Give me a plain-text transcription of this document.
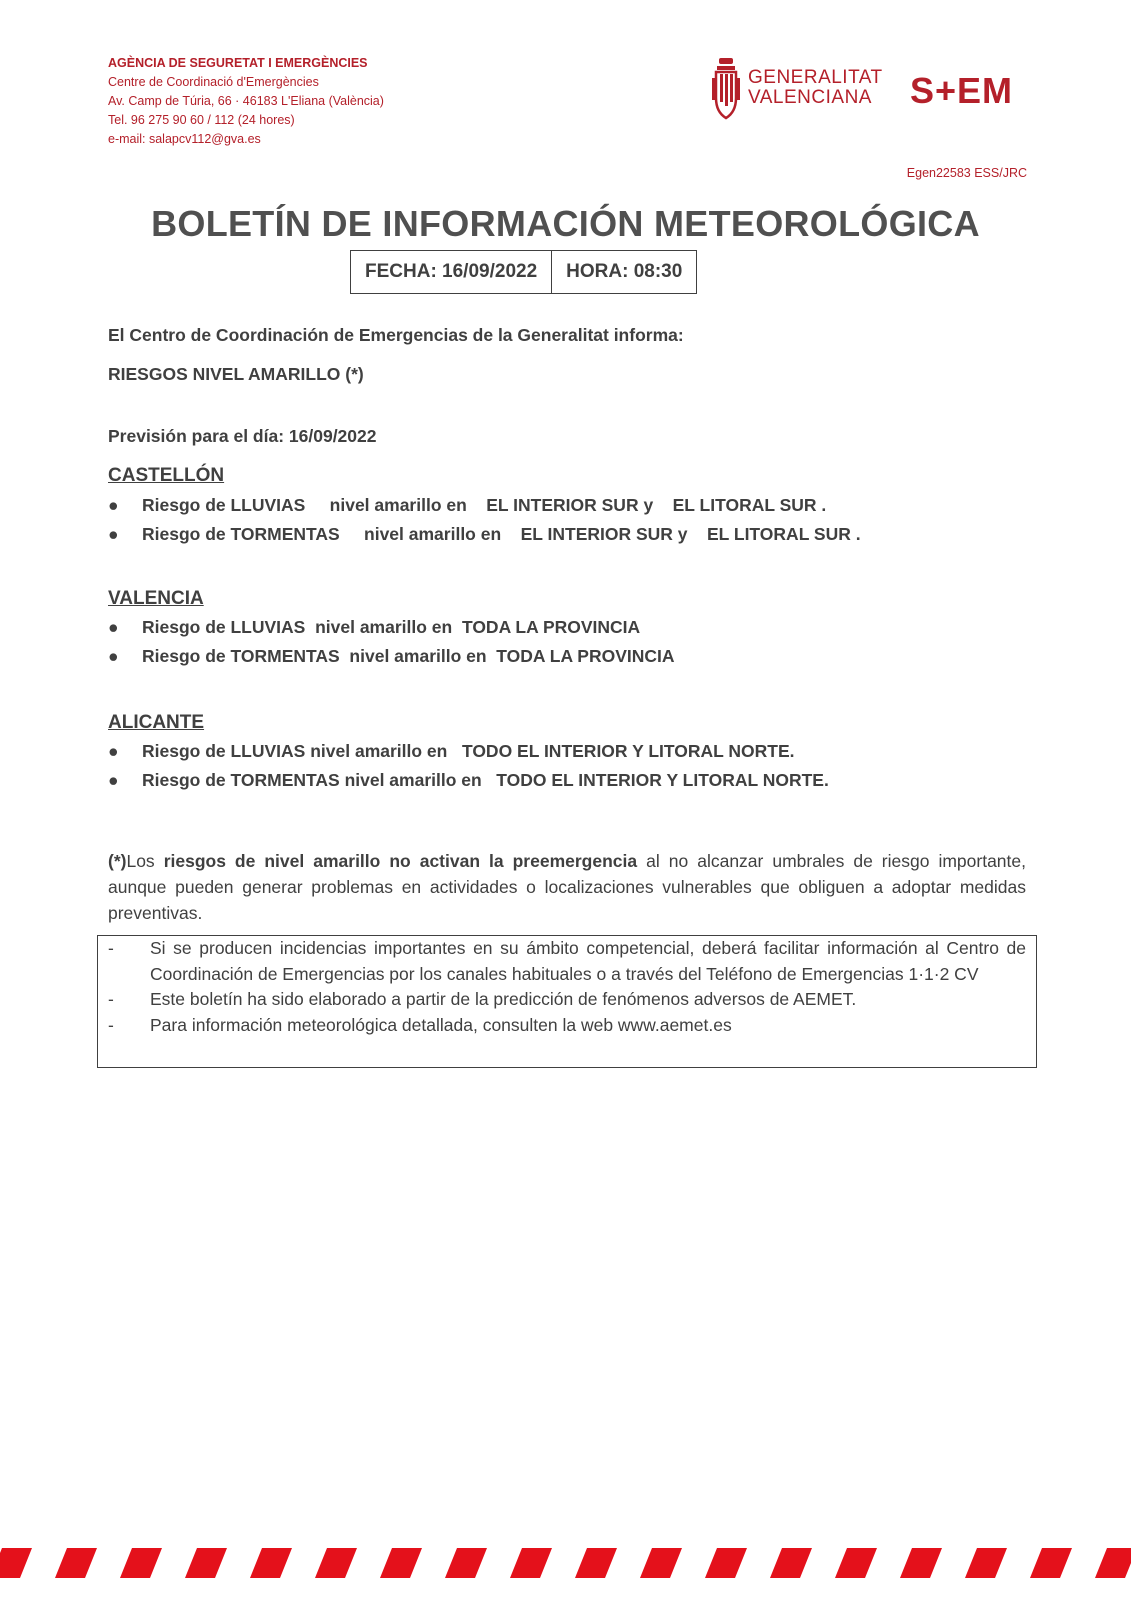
AGÈNCIA DE SEGURETAT I EMERGÈNCIES
Centre de Coordinació d'Emergències
Av. Camp de Túria, 66 · 46183 L'Eliana (València)
Tel. 96 275 90 60 / 112 (24 hores)
e-mail: salapcv112@gva.es
GENERALITAT
VALENCIANA S+EM
Egen22583 ESS/JRC
BOLETÍN DE INFORMACIÓN METEOROLÓGICA
FECHA: 16/09/2022	HORA: 08:30
El Centro de Coordinación de Emergencias de la Generalitat informa:
RIESGOS NIVEL AMARILLO (*)
Previsión para el día: 16/09/2022
CASTELLÓN
● Riesgo de LLUVIAS     nivel amarillo en    EL INTERIOR SUR y    EL LITORAL SUR .
● Riesgo de TORMENTAS     nivel amarillo en    EL INTERIOR SUR y    EL LITORAL SUR .
VALENCIA
● Riesgo de LLUVIAS  nivel amarillo en  TODA LA PROVINCIA
● Riesgo de TORMENTAS  nivel amarillo en  TODA LA PROVINCIA
ALICANTE
● Riesgo de LLUVIAS nivel amarillo en   TODO EL INTERIOR Y LITORAL NORTE.
● Riesgo de TORMENTAS nivel amarillo en   TODO EL INTERIOR Y LITORAL NORTE.
(*)Los riesgos de nivel amarillo no activan la preemergencia al no alcanzar umbrales de riesgo importante, aunque pueden generar problemas en actividades o localizaciones vulnerables que obliguen a adoptar medidas preventivas.
-	Si se producen incidencias importantes en su ámbito competencial, deberá facilitar información al Centro de Coordinación de Emergencias por los canales habituales o a través del Teléfono de Emergencias 1·1·2 CV
-	Este boletín ha sido elaborado a partir de la predicción de fenómenos adversos de AEMET.
-	Para información meteorológica detallada, consulten la web www.aemet.es
